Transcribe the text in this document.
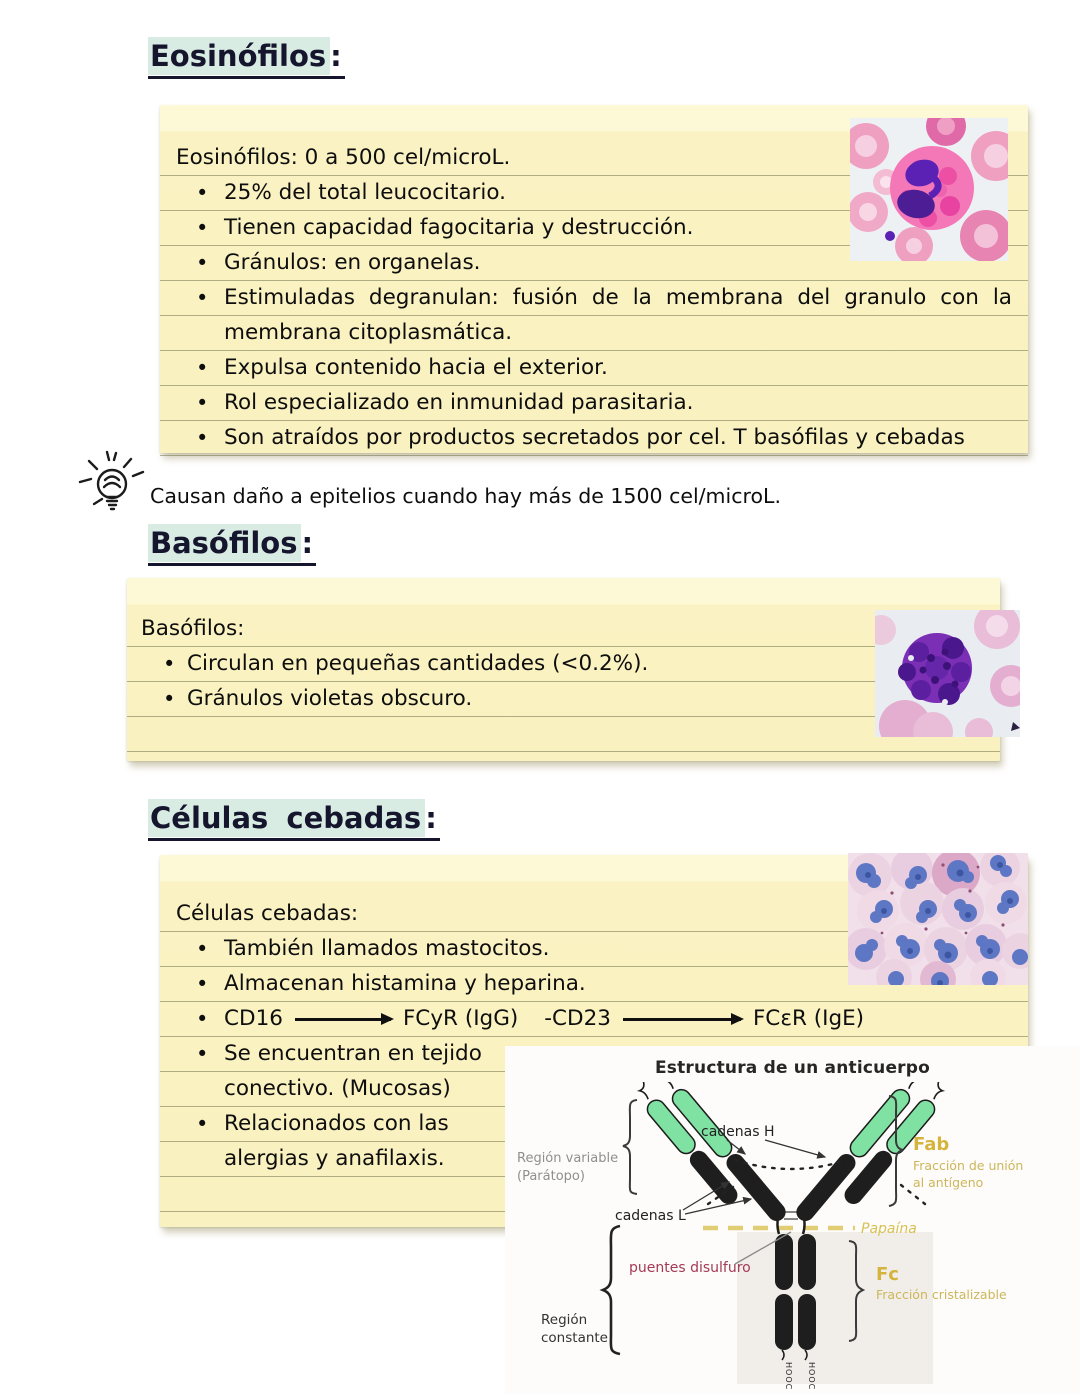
Eosinófilos :
Eosinófilos: 0 a 500 cel/microL.
• 25% del total leucocitario.
• Tienen capacidad fagocitaria y destrucción.
• Gránulos: en organelas.
• Estimuladas degranulan: fusión de la membrana del granulo con la
membrana citoplasmática.
• Expulsa contenido hacia el exterior.
• Rol especializado en inmunidad parasitaria.
• Son atraídos por productos secretados por cel. T basófilas y cebadas
Causan daño a epitelios cuando hay más de 1500 cel/microL.
Basófilos :
Basófilos:
• Circulan en pequeñas cantidades (<0.2%).
• Gránulos violetas obscuro.
Células cebadas :
Células cebadas:
• También llamados mastocitos.
• Almacenan histamina y heparina.
• CD16	FCyR (IgG) -CD23	FCεR (IgE)
• Se encuentran en tejido
conectivo. (Mucosas)
• Relacionados con las
alergias y anafilaxis.
Estructura de un anticuerpo
HOOC HOOC
Región variable
(Parátopo)
cadenas H
cadenas L
Papaína
Fab
Fracción de unión
al antígeno
puentes disulfuro
Región
constante
Fc
Fracción cristalizable
